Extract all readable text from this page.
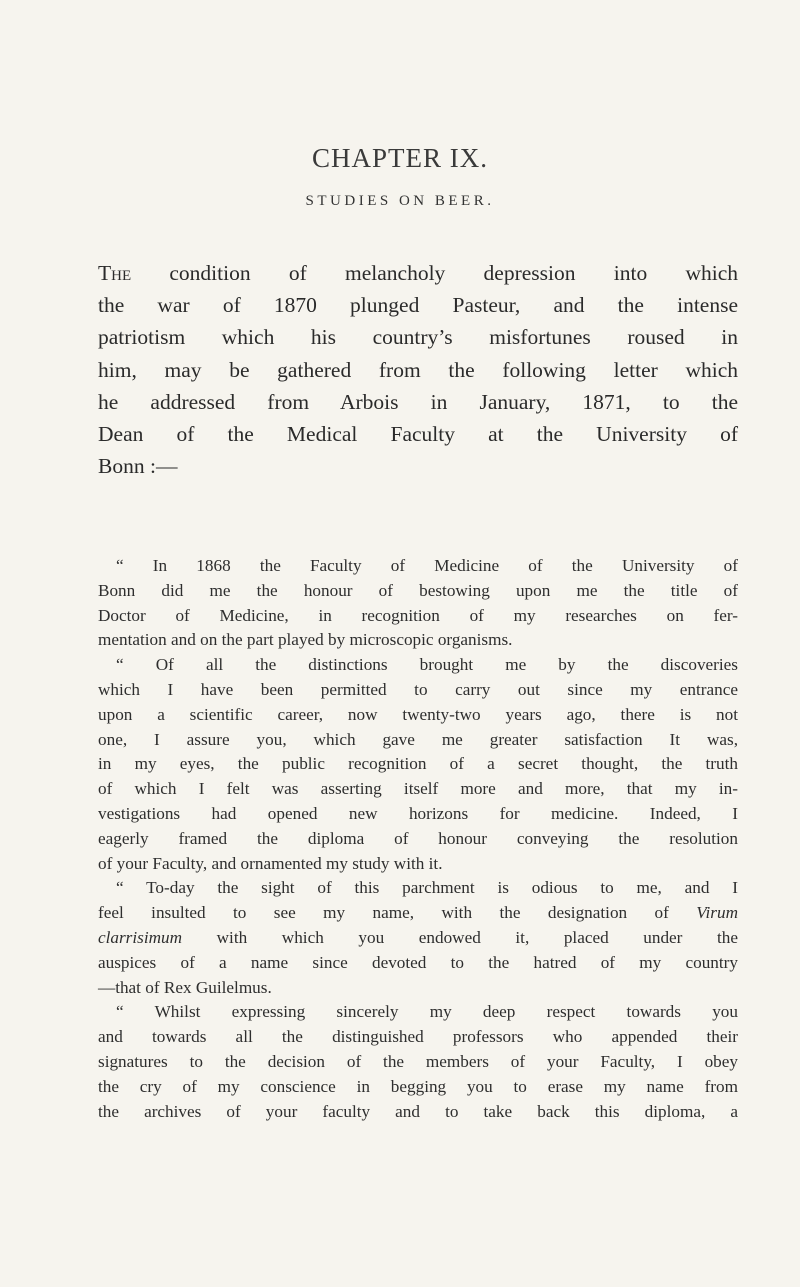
CHAPTER IX.
STUDIES ON BEER.
The condition of melancholy depression into which
the war of 1870 plunged Pasteur, and the intense
patriotism which his country’s misfortunes roused in
him, may be gathered from the following letter which
he addressed from Arbois in January, 1871, to the
Dean of the Medical Faculty at the University of
Bonn :—
“ In 1868 the Faculty of Medicine of the University of
Bonn did me the honour of bestowing upon me the title of
Doctor of Medicine, in recognition of my researches on fer-
mentation and on the part played by microscopic organisms.
“ Of all the distinctions brought me by the discoveries
which I have been permitted to carry out since my entrance
upon a scientific career, now twenty-two years ago, there is not
one, I assure you, which gave me greater satisfaction It was,
in my eyes, the public recognition of a secret thought, the truth
of which I felt was asserting itself more and more, that my in-
vestigations had opened new horizons for medicine. Indeed, I
eagerly framed the diploma of honour conveying the resolution
of your Faculty, and ornamented my study with it.
“ To-day the sight of this parchment is odious to me, and I
feel insulted to see my name, with the designation of Virum
clarrisimum with which you endowed it, placed under the
auspices of a name since devoted to the hatred of my country
—that of Rex Guilelmus.
“ Whilst expressing sincerely my deep respect towards you
and towards all the distinguished professors who appended their
signatures to the decision of the members of your Faculty, I obey
the cry of my conscience in begging you to erase my name from
the archives of your faculty and to take back this diploma, a
